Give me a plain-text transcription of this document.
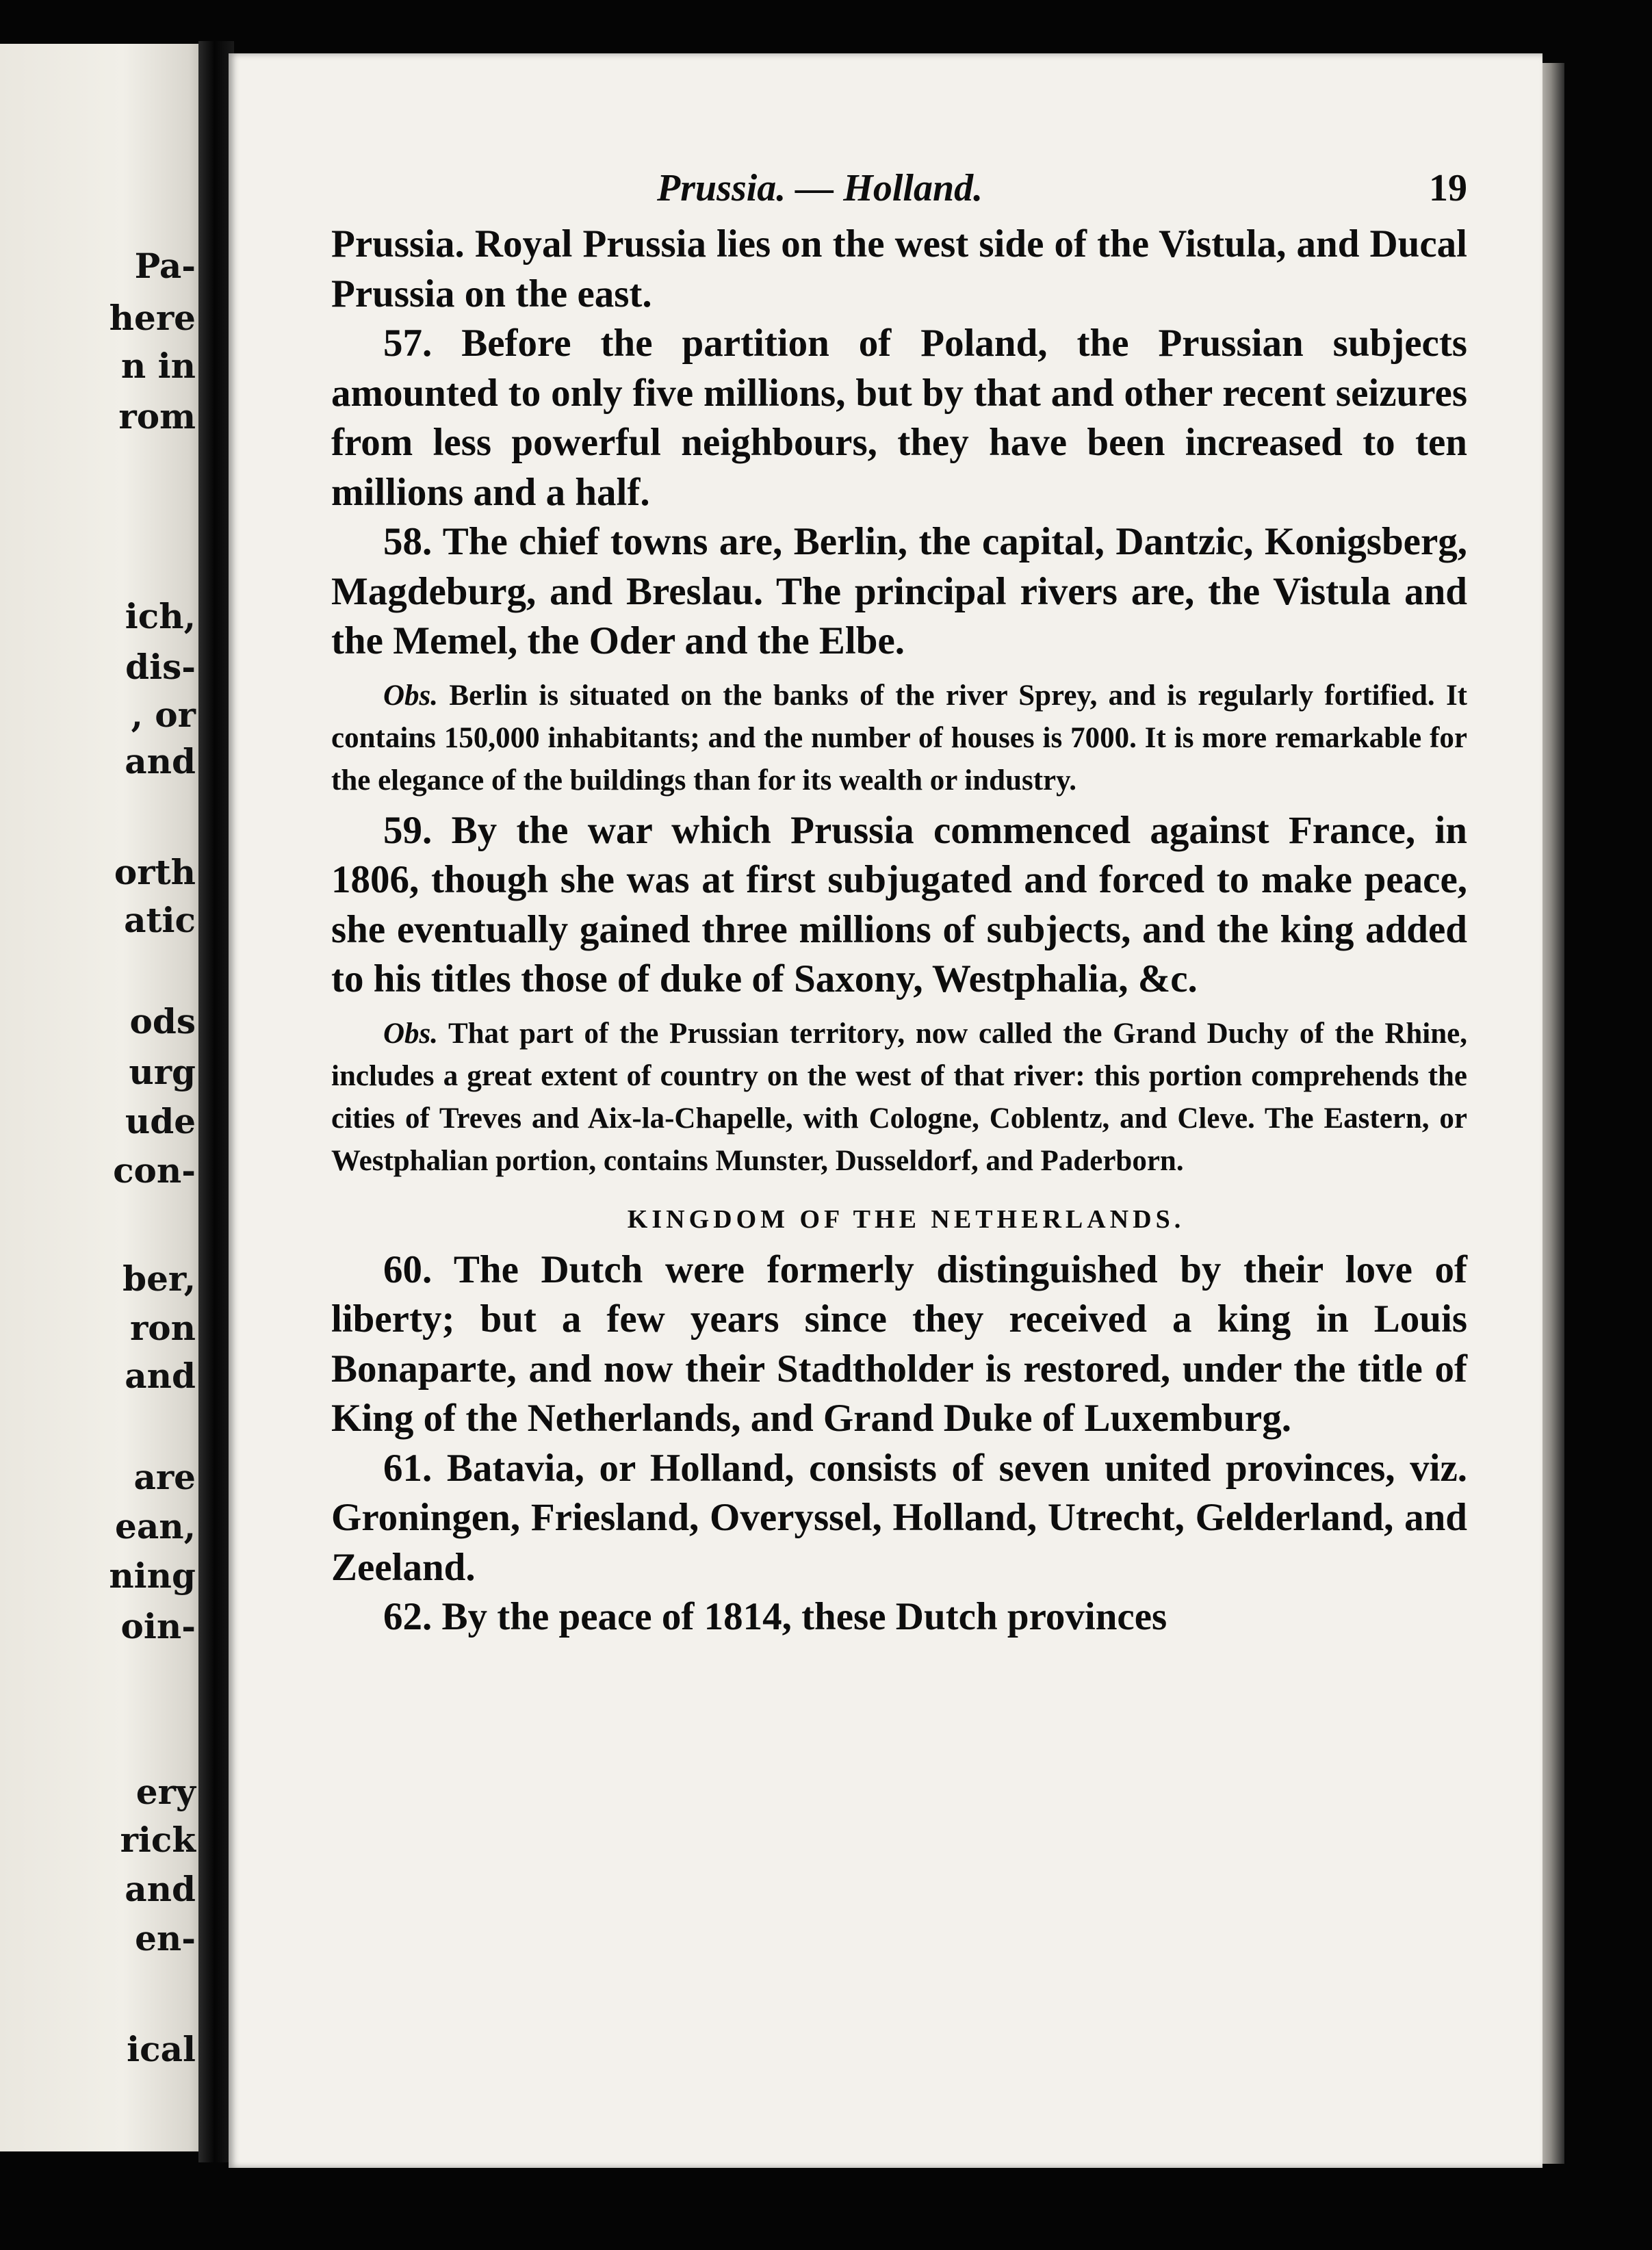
Pa-

here

n in

rom

ich,

dis-

, or

and

orth

atic

ods

urg

ude

con-

ber,

ron

and

are

ean,

ning

oin-

ery

rick

and

en-

ical

Prussia. — Holland.	19

Prussia. Royal Prussia lies on the west side of the Vistula, and Ducal Prussia on the east.

57. Before the partition of Poland, the Prussian subjects amounted to only five millions, but by that and other recent seizures from less powerful neighbours, they have been increased to ten millions and a half.

58. The chief towns are, Berlin, the capital, Dantzic, Konigsberg, Magdeburg, and Breslau. The principal rivers are, the Vistula and the Memel, the Oder and the Elbe.

Obs. Berlin is situated on the banks of the river Sprey, and is regularly fortified. It contains 150,000 inhabitants; and the number of houses is 7000. It is more remarkable for the elegance of the buildings than for its wealth or industry.

59. By the war which Prussia commenced against France, in 1806, though she was at first subjugated and forced to make peace, she eventually gained three millions of subjects, and the king added to his titles those of duke of Saxony, Westphalia, &c.

Obs. That part of the Prussian territory, now called the Grand Duchy of the Rhine, includes a great extent of country on the west of that river: this portion comprehends the cities of Treves and Aix-la-Chapelle, with Cologne, Coblentz, and Cleve. The Eastern, or Westphalian portion, contains Munster, Dusseldorf, and Paderborn.

KINGDOM OF THE NETHERLANDS.

60. The Dutch were formerly distinguished by their love of liberty; but a few years since they received a king in Louis Bonaparte, and now their Stadtholder is restored, under the title of King of the Netherlands, and Grand Duke of Luxemburg.

61. Batavia, or Holland, consists of seven united provinces, viz. Groningen, Friesland, Overyssel, Holland, Utrecht, Gelderland, and Zeeland.

62. By the peace of 1814, these Dutch provinces
